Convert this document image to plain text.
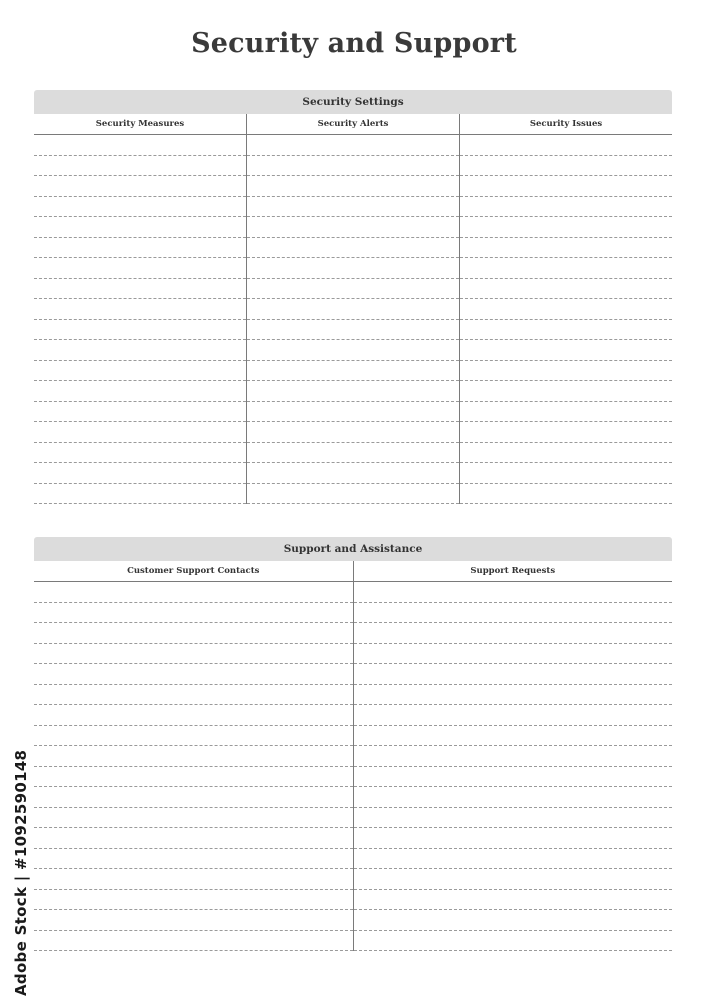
Security and Support
Security Settings
Security Measures	Security Alerts	Security Issues
Support and Assistance
Customer Support Contacts	Support Requests
Adobe Stock | #1092590148
